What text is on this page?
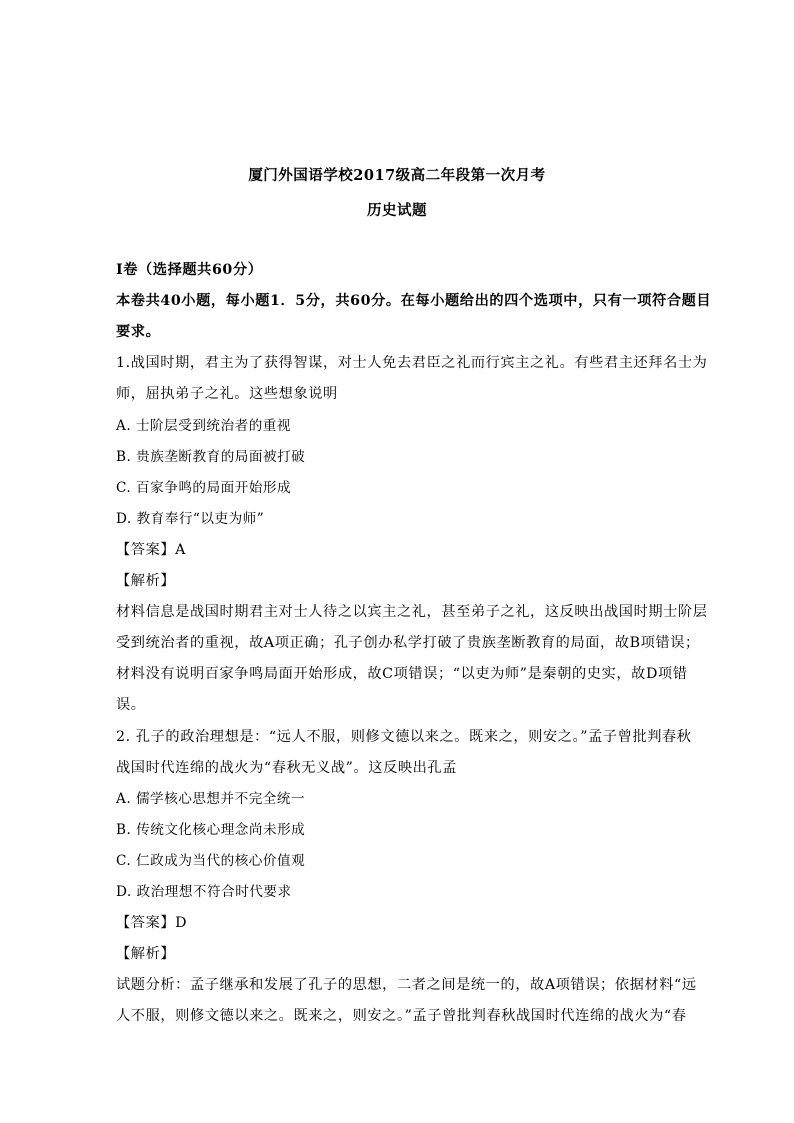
厦门外国语学校2017级高二年段第一次月考
历史试题
Ⅰ卷（选择题共60分）
本卷共40小题，每小题1．5分，共60分。在每小题给出的四个选项中，只有一项符合题目
要求。
1.战国时期，君主为了获得智谋，对士人免去君臣之礼而行宾主之礼。有些君主还拜名士为
师，屈执弟子之礼。这些想象说明
A. 士阶层受到统治者的重视
B. 贵族垄断教育的局面被打破
C. 百家争鸣的局面开始形成
D. 教育奉行“以吏为师”
【答案】A
【解析】
材料信息是战国时期君主对士人待之以宾主之礼，甚至弟子之礼，这反映出战国时期士阶层
受到统治者的重视，故A项正确；孔子创办私学打破了贵族垄断教育的局面，故B项错误；
材料没有说明百家争鸣局面开始形成，故C项错误；“以吏为师”是秦朝的史实，故D项错
误。
2. 孔子的政治理想是：“远人不服，则修文德以来之。既来之，则安之。”孟子曾批判春秋
战国时代连绵的战火为“春秋无义战”。这反映出孔孟
A. 儒学核心思想并不完全统一
B. 传统文化核心理念尚未形成
C. 仁政成为当代的核心价值观
D. 政治理想不符合时代要求
【答案】D
【解析】
试题分析：孟子继承和发展了孔子的思想，二者之间是统一的，故A项错误；依据材料“远
人不服，则修文德以来之。既来之，则安之。”孟子曾批判春秋战国时代连绵的战火为“春
